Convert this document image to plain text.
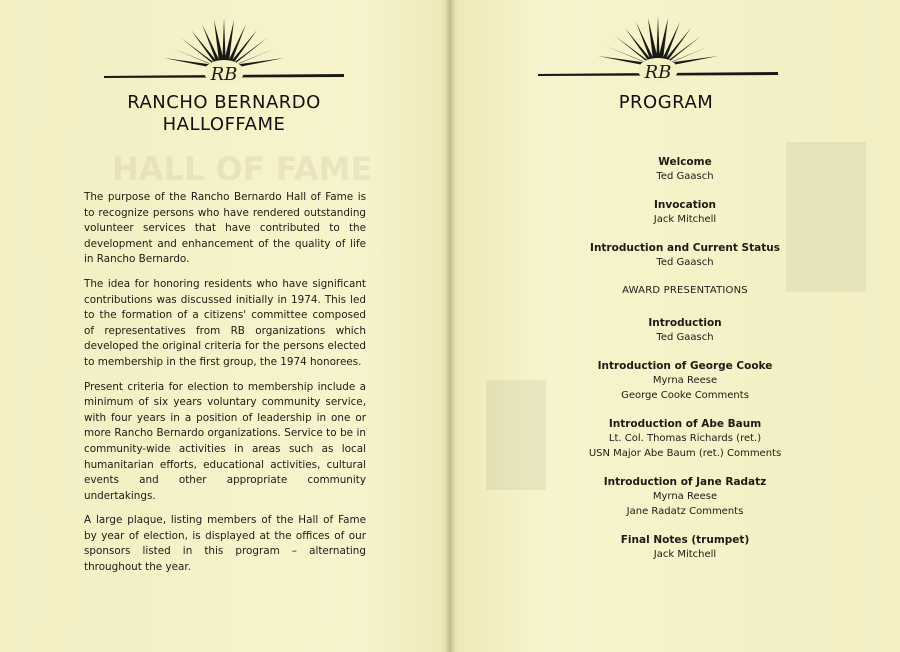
HALL OF FAME
RB
RANCHO BERNARDO
HALLOFFAME

The purpose of the Rancho Bernardo Hall of Fame is to recognize persons who have rendered outstanding volunteer services that have contributed to the development and enhancement of the quality of life in Rancho Bernardo.

The idea for honoring residents who have significant contributions was discussed initially in 1974. This led to the formation of a citizens' committee composed of representatives from RB organizations which developed the original criteria for the persons elected to membership in the first group, the 1974 honorees.

Present criteria for election to membership include a minimum of six years voluntary community service, with four years in a position of leadership in one or more Rancho Bernardo organizations. Service to be in community-wide activities in areas such as local humanitarian efforts, educational activities, cultural events and other appropriate community undertakings.

A large plaque, listing members of the Hall of Fame by year of election, is displayed at the offices of our sponsors listed in this program – alternating throughout the year.

RB
PROGRAM
Welcome
Ted Gaasch
Invocation
Jack Mitchell
Introduction and Current Status
Ted Gaasch
AWARD PRESENTATIONS
Introduction
Ted Gaasch
Introduction of George Cooke
Myrna Reese
George Cooke Comments
Introduction of Abe Baum
Lt. Col. Thomas Richards (ret.)
USN Major Abe Baum (ret.) Comments
Introduction of Jane Radatz
Myrna Reese
Jane Radatz Comments
Final Notes (trumpet)
Jack Mitchell
